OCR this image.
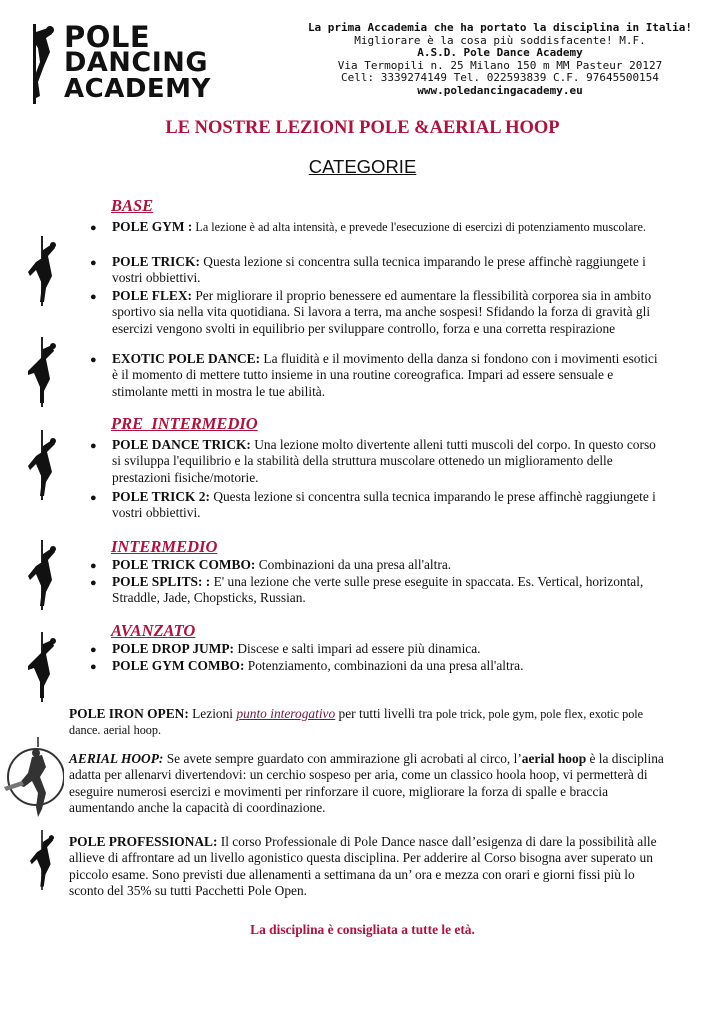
POLE
DANCING
ACADEMY
La prima Accademia che ha portato la disciplina in Italia!
Migliorare è la cosa più soddisfacente! M.F.
A.S.D. Pole Dance Academy
Via Termopili n. 25 Milano 150 m MM Pasteur 20127
Cell: 3339274149 Tel. 022593839 C.F. 97645500154
www.poledancingacademy.eu
LE NOSTRE LEZIONI POLE &AERIAL HOOP
CATEGORIE
BASE
● POLE GYM : La lezione è ad alta intensità, e prevede l'esecuzione di esercizi di potenziamento muscolare.
● POLE TRICK: Questa lezione si concentra sulla tecnica imparando le prese affinchè raggiungete i vostri obbiettivi.
● POLE FLEX: Per migliorare il proprio benessere ed aumentare la flessibilità corporea sia in ambito sportivo sia nella vita quotidiana. Si lavora a terra, ma anche sospesi! Sfidando la forza di gravità gli esercizi vengono svolti in equilibrio per sviluppare controllo, forza e una corretta respirazione
● EXOTIC POLE DANCE: La fluidità e il movimento della danza si fondono con i movimenti esotici è il momento di mettere tutto insieme in una routine coreografica. Impari ad essere sensuale e stimolante metti in mostra le tue abilità.
PRE  INTERMEDIO
● POLE DANCE TRICK: Una lezione molto divertente alleni tutti muscoli del corpo. In questo corso si sviluppa l'equilibrio e la stabilità della struttura muscolare ottenedo un miglioramento delle prestazioni fisiche/motorie.
● POLE TRICK 2: Questa lezione si concentra sulla tecnica imparando le prese affinchè raggiungete i vostri obbiettivi.
INTERMEDIO
● POLE TRICK COMBO: Combinazioni da una presa all'altra.
● POLE SPLITS: : E' una lezione che verte sulle prese eseguite in spaccata. Es. Vertical, horizontal, Straddle, Jade, Chopsticks, Russian.
AVANZATO
● POLE DROP JUMP: Discese e salti impari ad essere più dinamica.
● POLE GYM COMBO: Potenziamento, combinazioni da una presa all'altra.
POLE IRON OPEN: Lezioni punto interogativo per tutti livelli tra pole trick, pole gym, pole flex, exotic pole dance. aerial hoop.
AERIAL HOOP: Se avete sempre guardato con ammirazione gli acrobati al circo, l’aerial hoop è la disciplina adatta per allenarvi divertendovi: un cerchio sospeso per aria, come un classico hoola hoop, vi permetterà di eseguire numerosi esercizi e movimenti per rinforzare il cuore, migliorare la forza di spalle e braccia aumentando anche la capacità di coordinazione.
POLE PROFESSIONAL: Il corso Professionale di Pole Dance nasce dall’esigenza di dare la possibilità alle allieve di affrontare ad un livello agonistico questa disciplina. Per adderire al Corso bisogna aver superato un piccolo esame. Sono previsti due allenamenti a settimana da un’ ora e mezza con orari e giorni fissi più lo sconto del 35% su tutti Pacchetti Pole Open.
La disciplina è consigliata a tutte le età.
